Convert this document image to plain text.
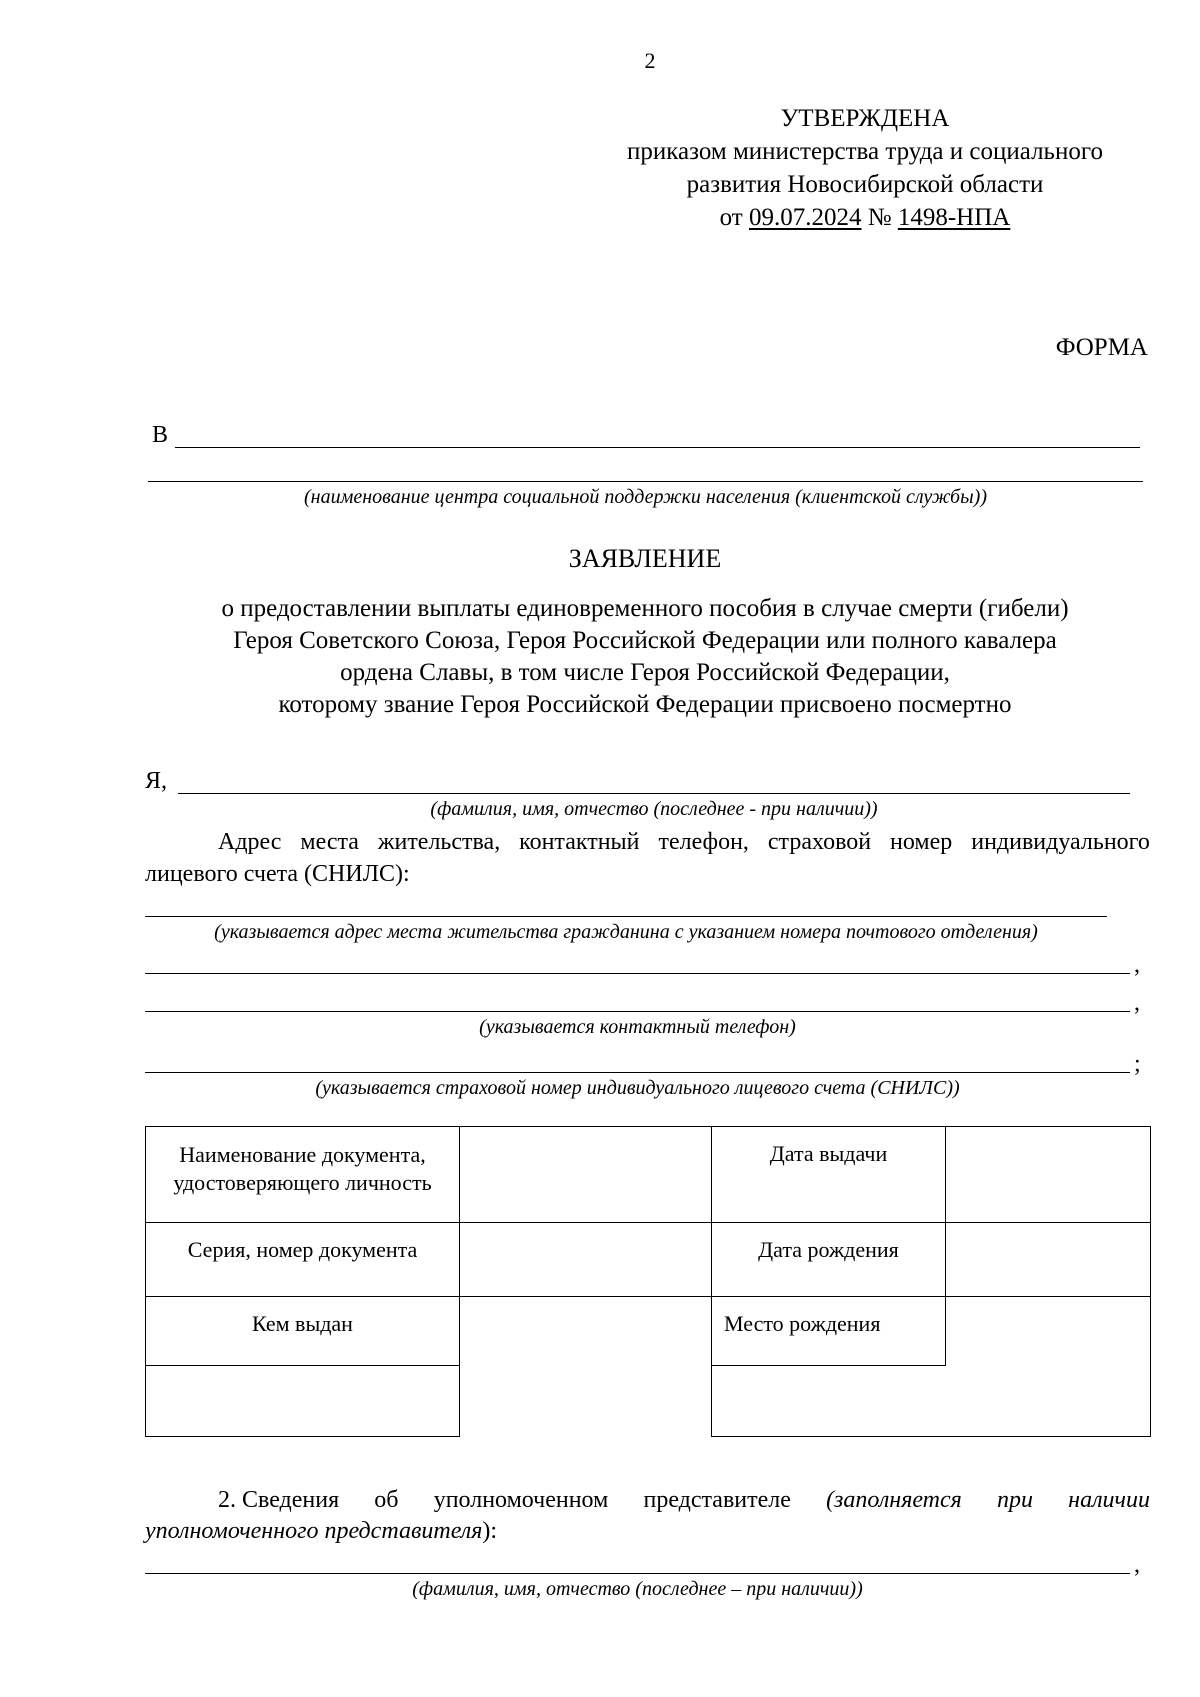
2
УТВЕРЖДЕНА
приказом министерства труда и социального
развития Новосибирской области
от 09.07.2024 № 1498-НПА
ФОРМА
В
(наименование центра социальной поддержки населения (клиентской службы))
ЗАЯВЛЕНИЕ
о предоставлении выплаты единовременного пособия в случае смерти (гибели)
Героя Советского Союза, Героя Российской Федерации или полного кавалера
ордена Славы, в том числе Героя Российской Федерации,
которому звание Героя Российской Федерации присвоено посмертно
Я,
(фамилия, имя, отчество (последнее - при наличии))
Адрес места жительства, контактный телефон, страховой номер индивидуального
лицевого счета (СНИЛС):
(указывается адрес места жительства гражданина с указанием номера почтового отделения)
,
,
(указывается контактный телефон)
;
(указывается страховой номер индивидуального лицевого счета (СНИЛС))
Наименование документа, удостоверяющего личность		Дата выдачи	
Серия, номер документа		Дата рождения	
Кем выдан		Место рождения	

2. Сведения об уполномоченном представителе (заполняется при наличии
уполномоченного представителя):
,
(фамилия, имя, отчество (последнее – при наличии))
